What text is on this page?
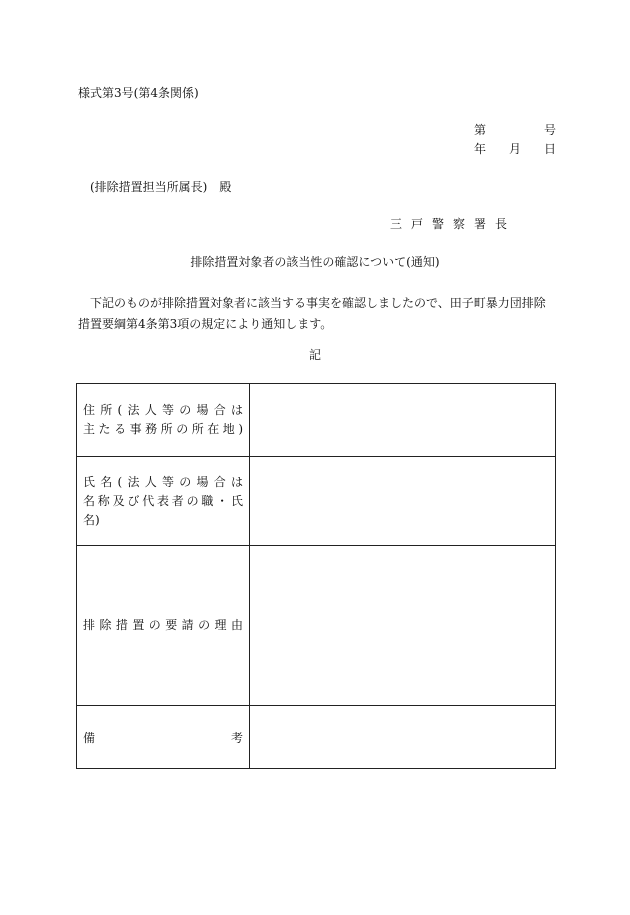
様式第3号(第4条関係)
第	号
年 月 日
(排除措置担当所属長)　殿
三戸警察署長
排除措置対象者の該当性の確認について(通知)
下記のものが排除措置対象者に該当する事実を確認しましたので、田子町暴力団排除措置要綱第4条第3項の規定により通知します。
記
住所(法人等の場合は
主たる事務所の所在地)	

氏名(法人等の場合は
名称及び代表者の職・氏
名)	

排除措置の要請の理由	

備 考	
